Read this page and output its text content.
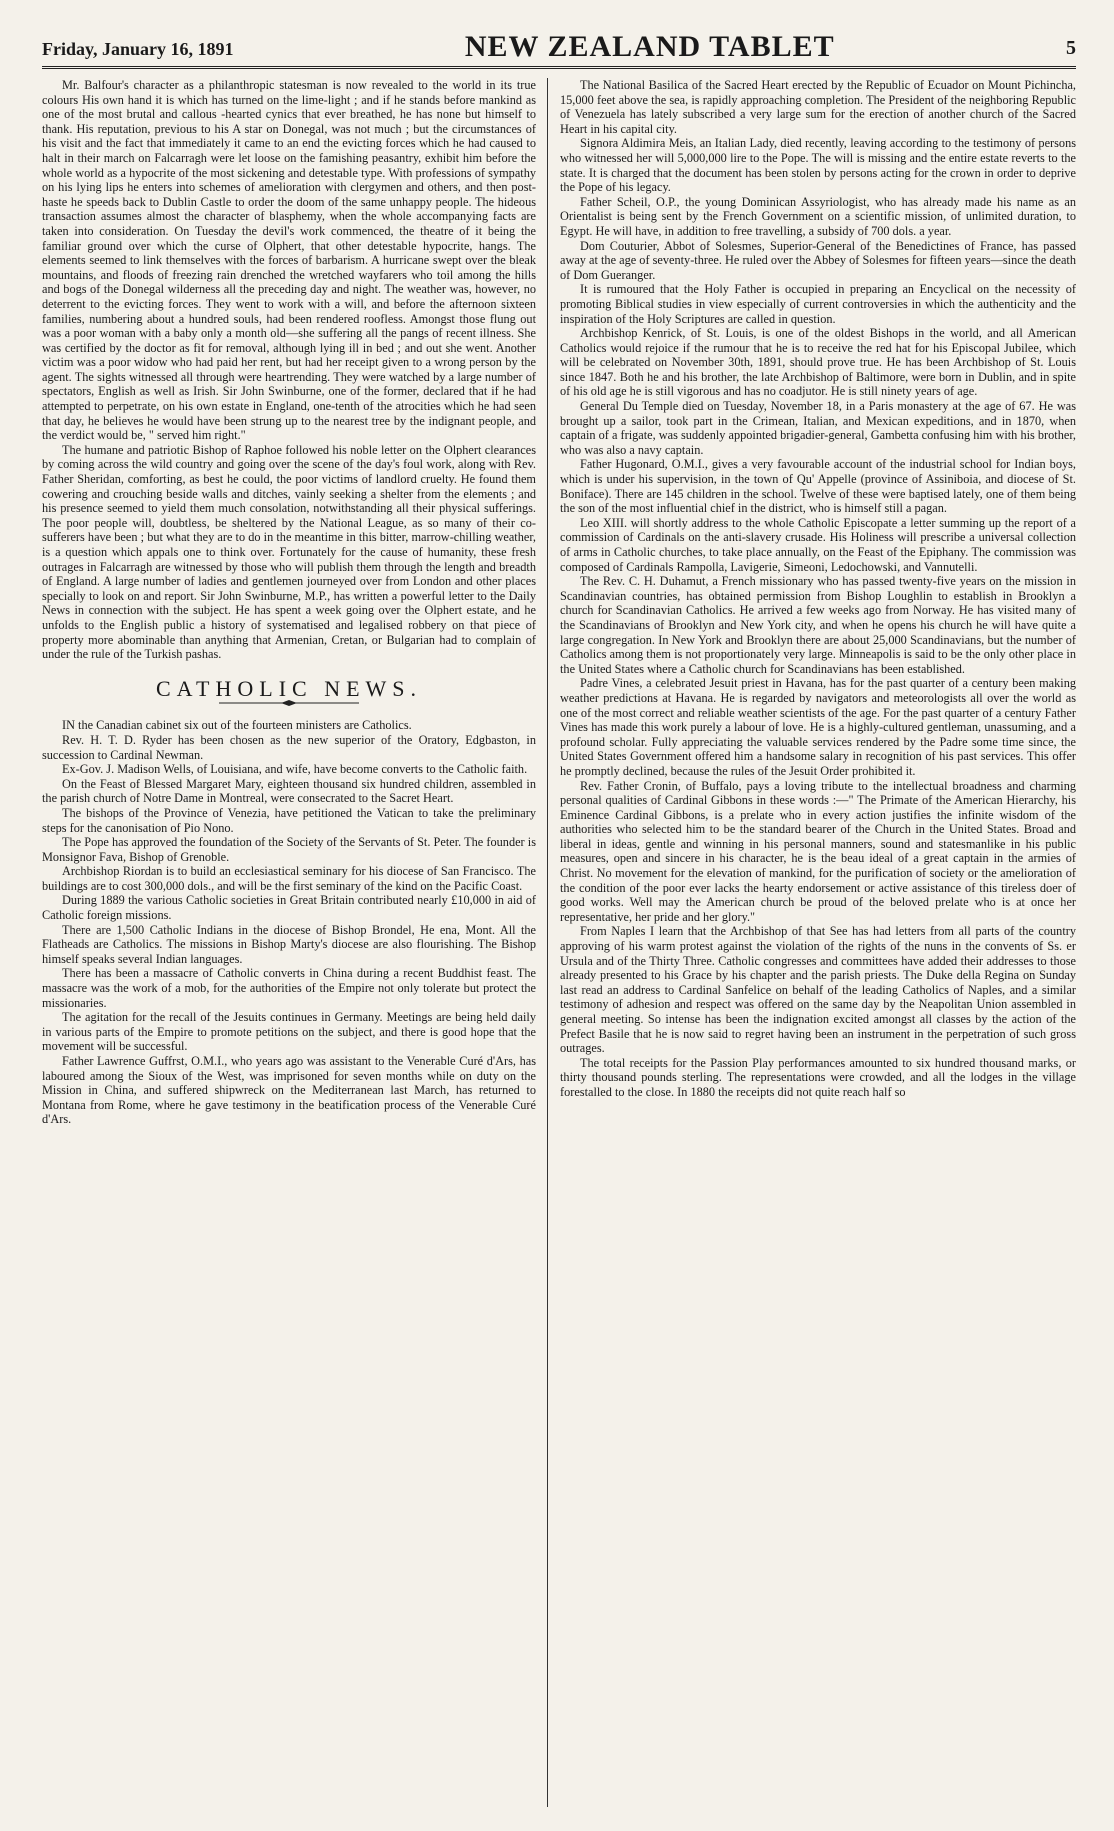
Friday, January 16, 1891	NEW ZEALAND TABLET	5

Mr. Balfour's character as a philanthropic statesman is now revealed to the world in its true colours His own hand it is which has turned on the lime-light ; and if he stands before mankind as one of the most brutal and callous -hearted cynics that ever breathed, he has none but himself to thank. His reputation, previous to his A star on Donegal, was not much ; but the circumstances of his visit and the fact that immediately it came to an end the evicting forces which he had caused to halt in their march on Falcarragh were let loose on the famishing peasantry, exhibit him before the whole world as a hypocrite of the most sickening and detestable type. With professions of sympathy on his lying lips he enters into schemes of amelioration with clergymen and others, and then post-haste he speeds back to Dublin Castle to order the doom of the same unhappy people. The hideous transaction assumes almost the character of blasphemy, when the whole accompanying facts are taken into consideration. On Tuesday the devil's work commenced, the theatre of it being the familiar ground over which the curse of Olphert, that other detestable hypocrite, hangs. The elements seemed to link themselves with the forces of barbarism. A hurricane swept over the bleak mountains, and floods of freezing rain drenched the wretched wayfarers who toil among the hills and bogs of the Donegal wilderness all the preceding day and night. The weather was, however, no deterrent to the evicting forces. They went to work with a will, and before the afternoon sixteen families, numbering about a hundred souls, had been rendered roofless. Amongst those flung out was a poor woman with a baby only a month old—she suffering all the pangs of recent illness. She was certified by the doctor as fit for removal, although lying ill in bed ; and out she went. Another victim was a poor widow who had paid her rent, but had her receipt given to a wrong person by the agent. The sights witnessed all through were heartrending. They were watched by a large number of spectators, English as well as Irish. Sir John Swinburne, one of the former, declared that if he had attempted to perpetrate, on his own estate in England, one-tenth of the atrocities which he had seen that day, he believes he would have been strung up to the nearest tree by the indignant people, and the verdict would be, " served him right."

The humane and patriotic Bishop of Raphoe followed his noble letter on the Olphert clearances by coming across the wild country and going over the scene of the day's foul work, along with Rev. Father Sheridan, comforting, as best he could, the poor victims of landlord cruelty. He found them cowering and crouching beside walls and ditches, vainly seeking a shelter from the elements ; and his presence seemed to yield them much consolation, notwithstanding all their physical sufferings. The poor people will, doubtless, be sheltered by the National League, as so many of their co-sufferers have been ; but what they are to do in the meantime in this bitter, marrow-chilling weather, is a question which appals one to think over. Fortunately for the cause of humanity, these fresh outrages in Falcarragh are witnessed by those who will publish them through the length and breadth of England. A large number of ladies and gentlemen journeyed over from London and other places specially to look on and report. Sir John Swinburne, M.P., has written a powerful letter to the Daily News in connection with the subject. He has spent a week going over the Olphert estate, and he unfolds to the English public a history of systematised and legalised robbery on that piece of property more abominable than anything that Armenian, Cretan, or Bulgarian had to complain of under the rule of the Turkish pashas.

CATHOLIC NEWS.

IN the Canadian cabinet six out of the fourteen ministers are Catholics.

Rev. H. T. D. Ryder has been chosen as the new superior of the Oratory, Edgbaston, in succession to Cardinal Newman.

Ex-Gov. J. Madison Wells, of Louisiana, and wife, have become converts to the Catholic faith.

On the Feast of Blessed Margaret Mary, eighteen thousand six hundred children, assembled in the parish church of Notre Dame in Montreal, were consecrated to the Sacret Heart.

The bishops of the Province of Venezia, have petitioned the Vatican to take the preliminary steps for the canonisation of Pio Nono.

The Pope has approved the foundation of the Society of the Servants of St. Peter. The founder is Monsignor Fava, Bishop of Grenoble.

Archbishop Riordan is to build an ecclesiastical seminary for his diocese of San Francisco. The buildings are to cost 300,000 dols., and will be the first seminary of the kind on the Pacific Coast.

During 1889 the various Catholic societies in Great Britain contributed nearly £10,000 in aid of Catholic foreign missions.

There are 1,500 Catholic Indians in the diocese of Bishop Brondel, He ena, Mont. All the Flatheads are Catholics. The missions in Bishop Marty's diocese are also flourishing. The Bishop himself speaks several Indian languages.

There has been a massacre of Catholic converts in China during a recent Buddhist feast. The massacre was the work of a mob, for the authorities of the Empire not only tolerate but protect the missionaries.

The agitation for the recall of the Jesuits continues in Germany. Meetings are being held daily in various parts of the Empire to promote petitions on the subject, and there is good hope that the movement will be successful.

Father Lawrence Guffrst, O.M.I., who years ago was assistant to the Venerable Curé d'Ars, has laboured among the Sioux of the West, was imprisoned for seven months while on duty on the Mission in China, and suffered shipwreck on the Mediterranean last March, has returned to Montana from Rome, where he gave testimony in the beatification process of the Venerable Curé d'Ars.

The National Basilica of the Sacred Heart erected by the Republic of Ecuador on Mount Pichincha, 15,000 feet above the sea, is rapidly approaching completion. The President of the neighboring Republic of Venezuela has lately subscribed a very large sum for the erection of another church of the Sacred Heart in his capital city.

Signora Aldimira Meis, an Italian Lady, died recently, leaving according to the testimony of persons who witnessed her will 5,000,000 lire to the Pope. The will is missing and the entire estate reverts to the state. It is charged that the document has been stolen by persons acting for the crown in order to deprive the Pope of his legacy.

Father Scheil, O.P., the young Dominican Assyriologist, who has already made his name as an Orientalist is being sent by the French Government on a scientific mission, of unlimited duration, to Egypt. He will have, in addition to free travelling, a subsidy of 700 dols. a year.

Dom Couturier, Abbot of Solesmes, Superior-General of the Benedictines of France, has passed away at the age of seventy-three. He ruled over the Abbey of Solesmes for fifteen years—since the death of Dom Gueranger.

It is rumoured that the Holy Father is occupied in preparing an Encyclical on the necessity of promoting Biblical studies in view especially of current controversies in which the authenticity and the inspiration of the Holy Scriptures are called in question.

Archbishop Kenrick, of St. Louis, is one of the oldest Bishops in the world, and all American Catholics would rejoice if the rumour that he is to receive the red hat for his Episcopal Jubilee, which will be celebrated on November 30th, 1891, should prove true. He has been Archbishop of St. Louis since 1847. Both he and his brother, the late Archbishop of Baltimore, were born in Dublin, and in spite of his old age he is still vigorous and has no coadjutor. He is still ninety years of age.

General Du Temple died on Tuesday, November 18, in a Paris monastery at the age of 67. He was brought up a sailor, took part in the Crimean, Italian, and Mexican expeditions, and in 1870, when captain of a frigate, was suddenly appointed brigadier-general, Gambetta confusing him with his brother, who was also a navy captain.

Father Hugonard, O.M.I., gives a very favourable account of the industrial school for Indian boys, which is under his supervision, in the town of Qu' Appelle (province of Assiniboia, and diocese of St. Boniface). There are 145 children in the school. Twelve of these were baptised lately, one of them being the son of the most influential chief in the district, who is himself still a pagan.

Leo XIII. will shortly address to the whole Catholic Episcopate a letter summing up the report of a commission of Cardinals on the anti-slavery crusade. His Holiness will prescribe a universal collection of arms in Catholic churches, to take place annually, on the Feast of the Epiphany. The commission was composed of Cardinals Rampolla, Lavigerie, Simeoni, Ledochowski, and Vannutelli.

The Rev. C. H. Duhamut, a French missionary who has passed twenty-five years on the mission in Scandinavian countries, has obtained permission from Bishop Loughlin to establish in Brooklyn a church for Scandinavian Catholics. He arrived a few weeks ago from Norway. He has visited many of the Scandinavians of Brooklyn and New York city, and when he opens his church he will have quite a large congregation. In New York and Brooklyn there are about 25,000 Scandinavians, but the number of Catholics among them is not proportionately very large. Minneapolis is said to be the only other place in the United States where a Catholic church for Scandinavians has been established.

Padre Vines, a celebrated Jesuit priest in Havana, has for the past quarter of a century been making weather predictions at Havana. He is regarded by navigators and meteorologists all over the world as one of the most correct and reliable weather scientists of the age. For the past quarter of a century Father Vines has made this work purely a labour of love. He is a highly-cultured gentleman, unassuming, and a profound scholar. Fully appreciating the valuable services rendered by the Padre some time since, the United States Government offered him a handsome salary in recognition of his past services. This offer he promptly declined, because the rules of the Jesuit Order prohibited it.

Rev. Father Cronin, of Buffalo, pays a loving tribute to the intellectual broadness and charming personal qualities of Cardinal Gibbons in these words :—" The Primate of the American Hierarchy, his Eminence Cardinal Gibbons, is a prelate who in every action justifies the infinite wisdom of the authorities who selected him to be the standard bearer of the Church in the United States. Broad and liberal in ideas, gentle and winning in his personal manners, sound and statesmanlike in his public measures, open and sincere in his character, he is the beau ideal of a great captain in the armies of Christ. No movement for the elevation of mankind, for the purification of society or the amelioration of the condition of the poor ever lacks the hearty endorsement or active assistance of this tireless doer of good works. Well may the American church be proud of the beloved prelate who is at once her representative, her pride and her glory."

From Naples I learn that the Archbishop of that See has had letters from all parts of the country approving of his warm protest against the violation of the rights of the nuns in the convents of Ss. er Ursula and of the Thirty Three. Catholic congresses and committees have added their addresses to those already presented to his Grace by his chapter and the parish priests. The Duke della Regina on Sunday last read an address to Cardinal Sanfelice on behalf of the leading Catholics of Naples, and a similar testimony of adhesion and respect was offered on the same day by the Neapolitan Union assembled in general meeting. So intense has been the indignation excited amongst all classes by the action of the Prefect Basile that he is now said to regret having been an instrument in the perpetration of such gross outrages.

The total receipts for the Passion Play performances amounted to six hundred thousand marks, or thirty thousand pounds sterling. The representations were crowded, and all the lodges in the village forestalled to the close. In 1880 the receipts did not quite reach half so
